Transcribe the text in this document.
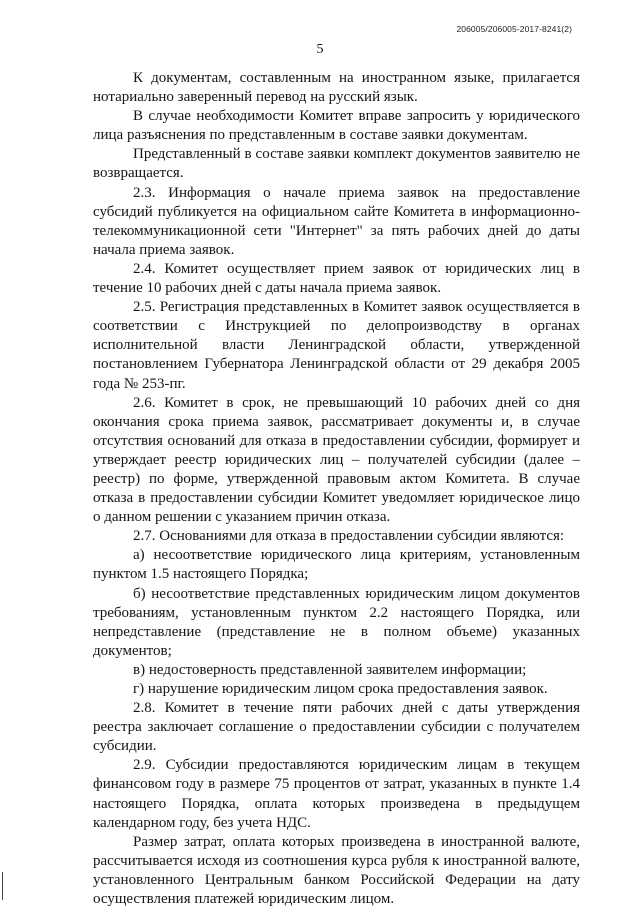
206005/206005-2017-8241(2)
5

К документам, составленным на иностранном языке, прилагается нотариально заверенный перевод на русский язык.

В случае необходимости Комитет вправе запросить у юридического лица разъяснения по представленным в составе заявки документам.

Представленный в составе заявки комплект документов заявителю не возвращается.

2.3. Информация о начале приема заявок на предоставление субсидий публикуется на официальном сайте Комитета в информационно-телекоммуникационной сети "Интернет" за пять рабочих дней до даты начала приема заявок.

2.4. Комитет осуществляет прием заявок от юридических лиц в течение 10 рабочих дней с даты начала приема заявок.

2.5. Регистрация представленных в Комитет заявок осуществляется в соответствии с Инструкцией по делопроизводству в органах исполнительной власти Ленинградской области, утвержденной постановлением Губернатора Ленинградской области от 29 декабря 2005 года № 253-пг.

2.6. Комитет в срок, не превышающий 10 рабочих дней со дня окончания срока приема заявок, рассматривает документы и, в случае отсутствия оснований для отказа в предоставлении субсидии, формирует и утверждает реестр юридических лиц – получателей субсидии (далее – реестр) по форме, утвержденной правовым актом Комитета. В случае отказа в предоставлении субсидии Комитет уведомляет юридическое лицо о данном решении с указанием причин отказа.

2.7. Основаниями для отказа в предоставлении субсидии являются:

а) несоответствие юридического лица критериям, установленным пунктом 1.5 настоящего Порядка;

б) несоответствие представленных юридическим лицом документов требованиям, установленным пунктом 2.2 настоящего Порядка, или непредставление (представление не в полном объеме) указанных документов;

в) недостоверность представленной заявителем информации;

г) нарушение юридическим лицом срока предоставления заявок.

2.8. Комитет в течение пяти рабочих дней с даты утверждения реестра заключает соглашение о предоставлении субсидии с получателем субсидии.

2.9. Субсидии предоставляются юридическим лицам в текущем финансовом году в размере 75 процентов от затрат, указанных в пункте 1.4 настоящего Порядка, оплата которых произведена в предыдущем календарном году, без учета НДС.

Размер затрат, оплата которых произведена в иностранной валюте, рассчитывается исходя из соотношения курса рубля к иностранной валюте, установленного Центральным банком Российской Федерации на дату осуществления платежей юридическим лицом.
